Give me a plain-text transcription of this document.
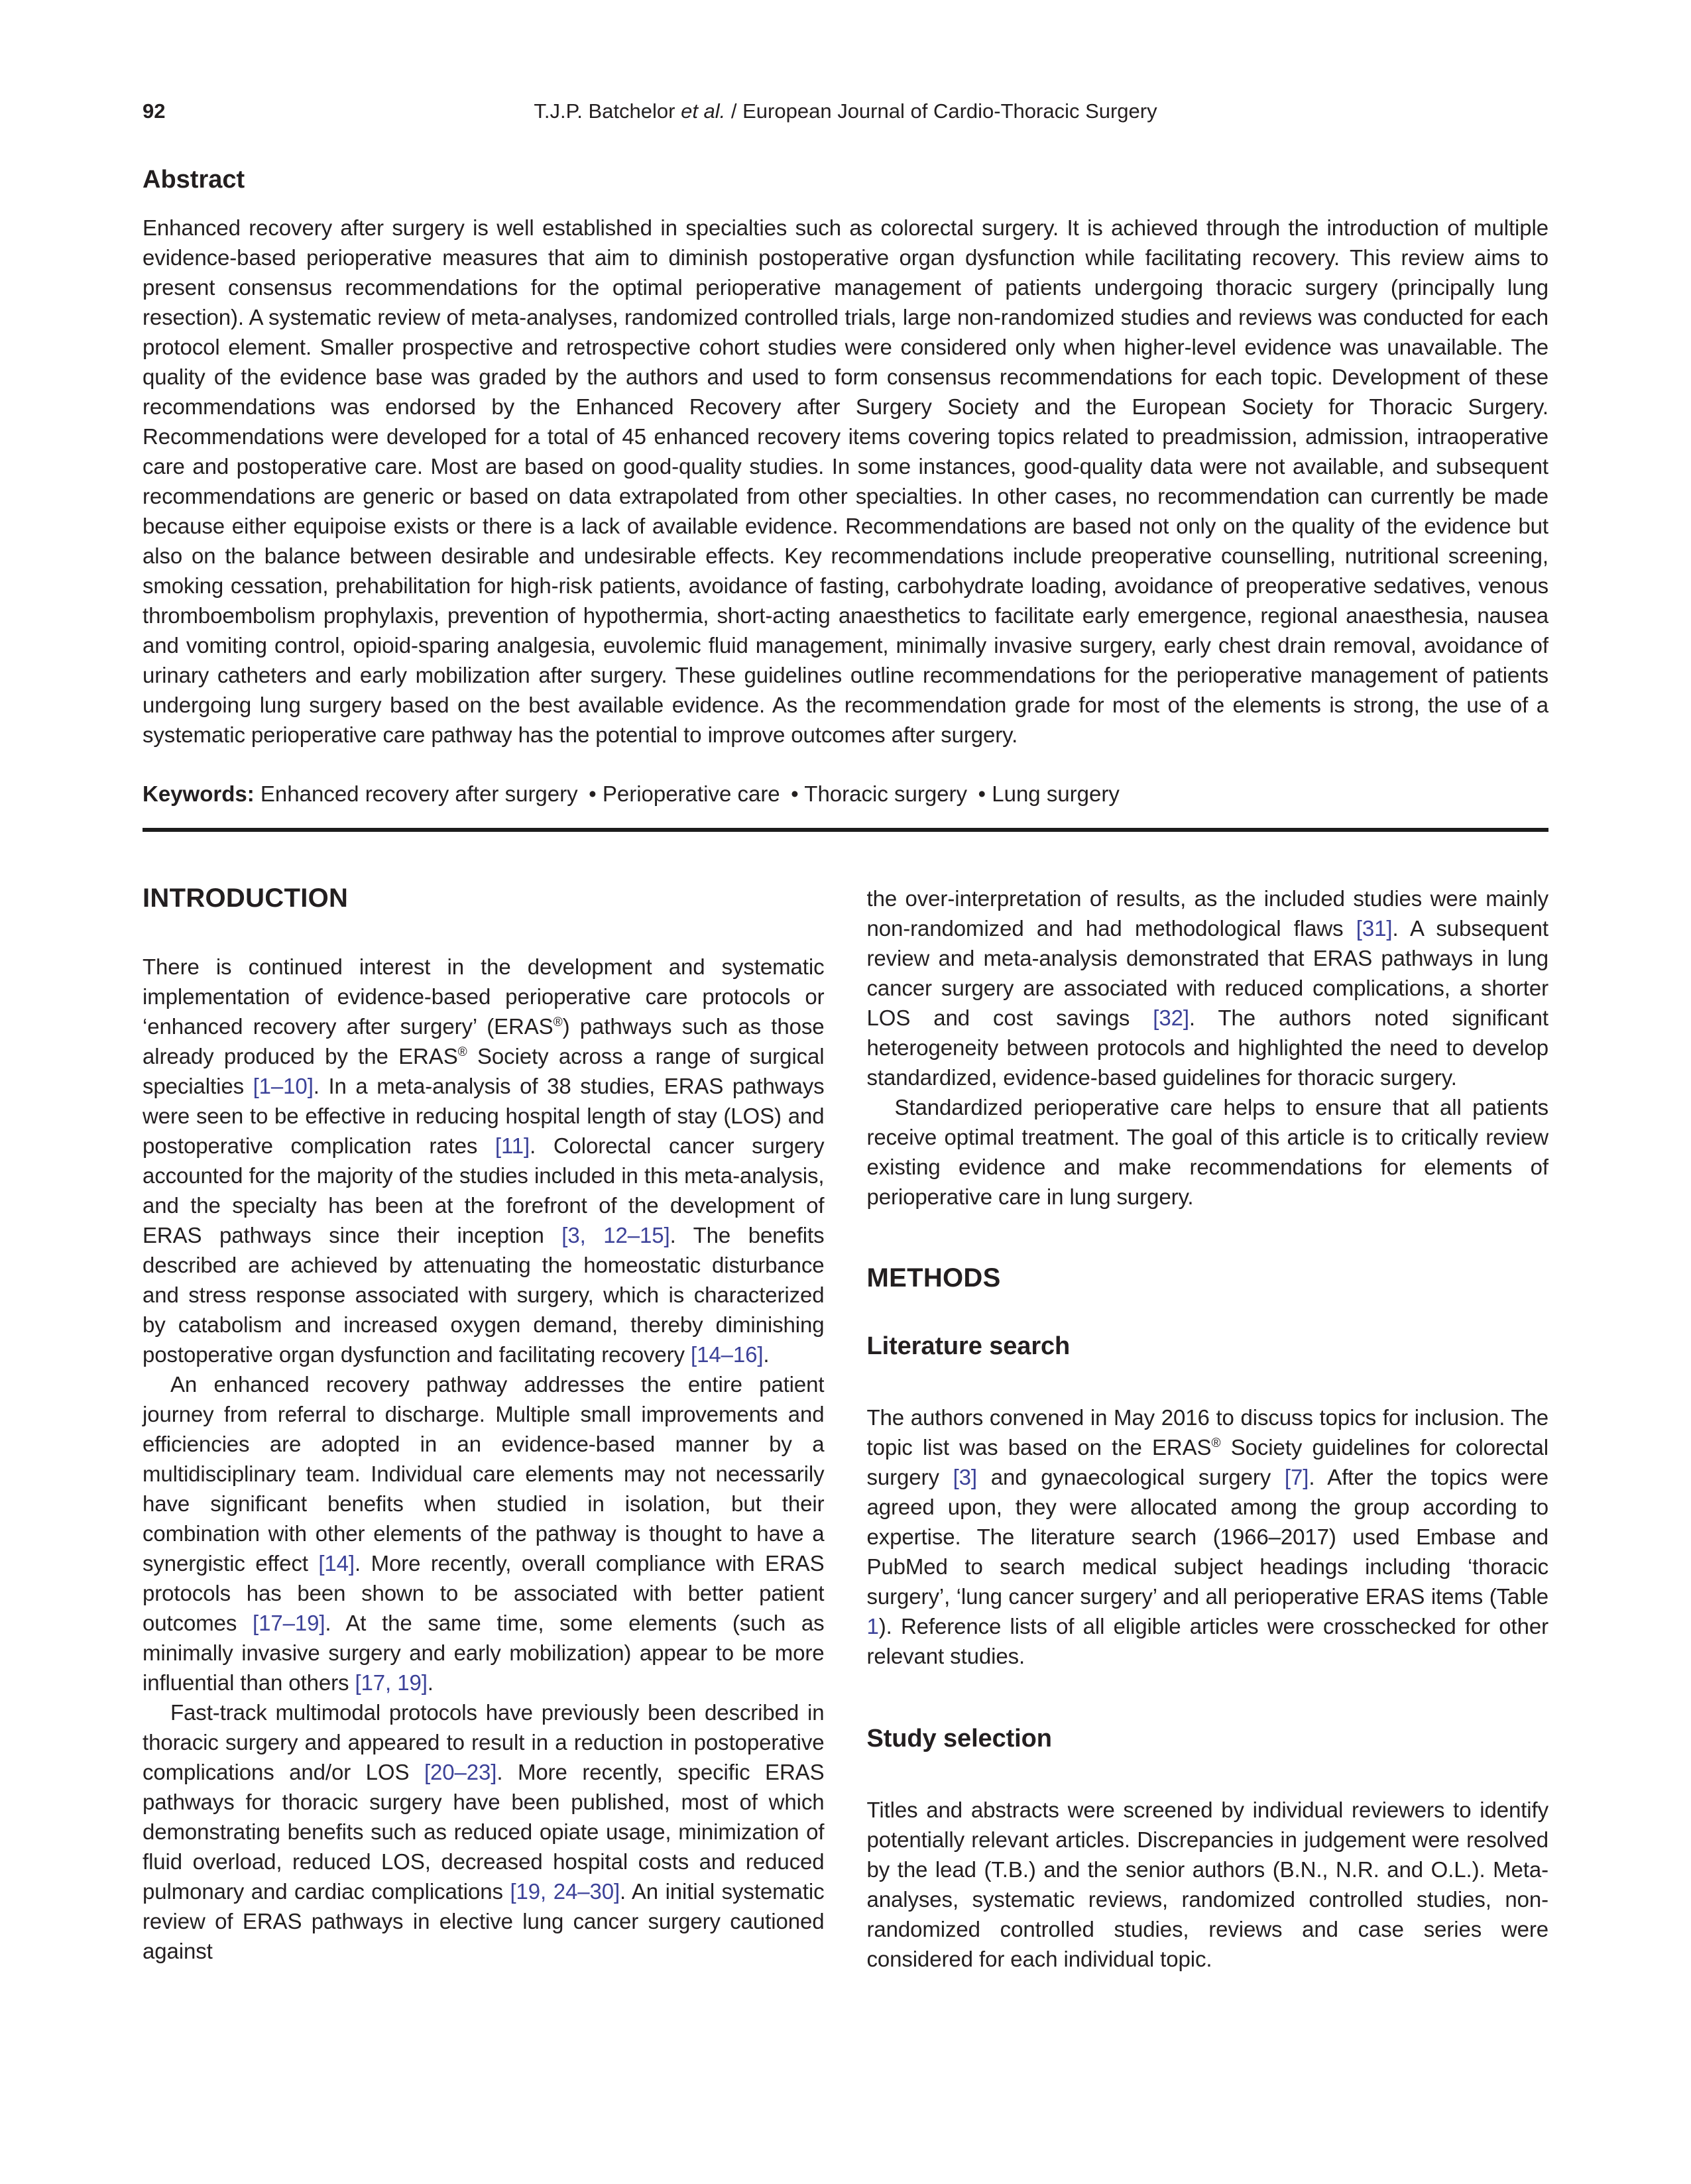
92	T.J.P. Batchelor et al. / European Journal of Cardio-Thoracic Surgery
Abstract

Enhanced recovery after surgery is well established in specialties such as colorectal surgery. It is achieved through the introduction of multiple evidence-based perioperative measures that aim to diminish postoperative organ dysfunction while facilitating recovery. This review aims to present consensus recommendations for the optimal perioperative management of patients undergoing thoracic surgery (principally lung resection). A systematic review of meta-analyses, randomized controlled trials, large non-randomized studies and reviews was conducted for each protocol element. Smaller prospective and retrospective cohort studies were considered only when higher-level evidence was unavailable. The quality of the evidence base was graded by the authors and used to form consensus recommendations for each topic. Development of these recommendations was endorsed by the Enhanced Recovery after Surgery Society and the European Society for Thoracic Surgery. Recommendations were developed for a total of 45 enhanced recovery items covering topics related to preadmission, admission, intraoperative care and postoperative care. Most are based on good-quality studies. In some instances, good-quality data were not available, and subsequent recommendations are generic or based on data extrapolated from other specialties. In other cases, no recommendation can currently be made because either equipoise exists or there is a lack of available evidence. Recommendations are based not only on the quality of the evidence but also on the balance between desirable and undesirable effects. Key recommendations include preoperative counselling, nutritional screening, smoking cessation, prehabilitation for high-risk patients, avoidance of fasting, carbohydrate loading, avoidance of preoperative sedatives, venous thromboembolism prophylaxis, prevention of hypothermia, short-acting anaesthetics to facilitate early emergence, regional anaesthesia, nausea and vomiting control, opioid-sparing analgesia, euvolemic fluid management, minimally invasive surgery, early chest drain removal, avoidance of urinary catheters and early mobilization after surgery. These guidelines outline recommendations for the perioperative management of patients undergoing lung surgery based on the best available evidence. As the recommendation grade for most of the elements is strong, the use of a systematic perioperative care pathway has the potential to improve outcomes after surgery.

Keywords: Enhanced recovery after surgery • Perioperative care • Thoracic surgery • Lung surgery

INTRODUCTION

There is continued interest in the development and systematic implementation of evidence-based perioperative care protocols or ‘enhanced recovery after surgery’ (ERAS®) pathways such as those already produced by the ERAS® Society across a range of surgical specialties [1–10]. In a meta-analysis of 38 studies, ERAS pathways were seen to be effective in reducing hospital length of stay (LOS) and postoperative complication rates [11]. Colorectal cancer surgery accounted for the majority of the studies included in this meta-analysis, and the specialty has been at the forefront of the development of ERAS pathways since their inception [3, 12–15]. The benefits described are achieved by attenuating the homeostatic disturbance and stress response associated with surgery, which is characterized by catabolism and increased oxygen demand, thereby diminishing postoperative organ dysfunction and facilitating recovery [14–16].

An enhanced recovery pathway addresses the entire patient journey from referral to discharge. Multiple small improvements and efficiencies are adopted in an evidence-based manner by a multidisciplinary team. Individual care elements may not necessarily have significant benefits when studied in isolation, but their combination with other elements of the pathway is thought to have a synergistic effect [14]. More recently, overall compliance with ERAS protocols has been shown to be associated with better patient outcomes [17–19]. At the same time, some elements (such as minimally invasive surgery and early mobilization) appear to be more influential than others [17, 19].

Fast-track multimodal protocols have previously been described in thoracic surgery and appeared to result in a reduction in postoperative complications and/or LOS [20–23]. More recently, specific ERAS pathways for thoracic surgery have been published, most of which demonstrating benefits such as reduced opiate usage, minimization of fluid overload, reduced LOS, decreased hospital costs and reduced pulmonary and cardiac complications [19, 24–30]. An initial systematic review of ERAS pathways in elective lung cancer surgery cautioned against

the over-interpretation of results, as the included studies were mainly non-randomized and had methodological flaws [31]. A subsequent review and meta-analysis demonstrated that ERAS pathways in lung cancer surgery are associated with reduced complications, a shorter LOS and cost savings [32]. The authors noted significant heterogeneity between protocols and highlighted the need to develop standardized, evidence-based guidelines for thoracic surgery.

Standardized perioperative care helps to ensure that all patients receive optimal treatment. The goal of this article is to critically review existing evidence and make recommendations for elements of perioperative care in lung surgery.

METHODS
Literature search

The authors convened in May 2016 to discuss topics for inclusion. The topic list was based on the ERAS® Society guidelines for colorectal surgery [3] and gynaecological surgery [7]. After the topics were agreed upon, they were allocated among the group according to expertise. The literature search (1966–2017) used Embase and PubMed to search medical subject headings including ‘thoracic surgery’, ‘lung cancer surgery’ and all perioperative ERAS items (Table 1). Reference lists of all eligible articles were crosschecked for other relevant studies.

Study selection

Titles and abstracts were screened by individual reviewers to identify potentially relevant articles. Discrepancies in judgement were resolved by the lead (T.B.) and the senior authors (B.N., N.R. and O.L.). Meta-analyses, systematic reviews, randomized controlled studies, non-randomized controlled studies, reviews and case series were considered for each individual topic.
